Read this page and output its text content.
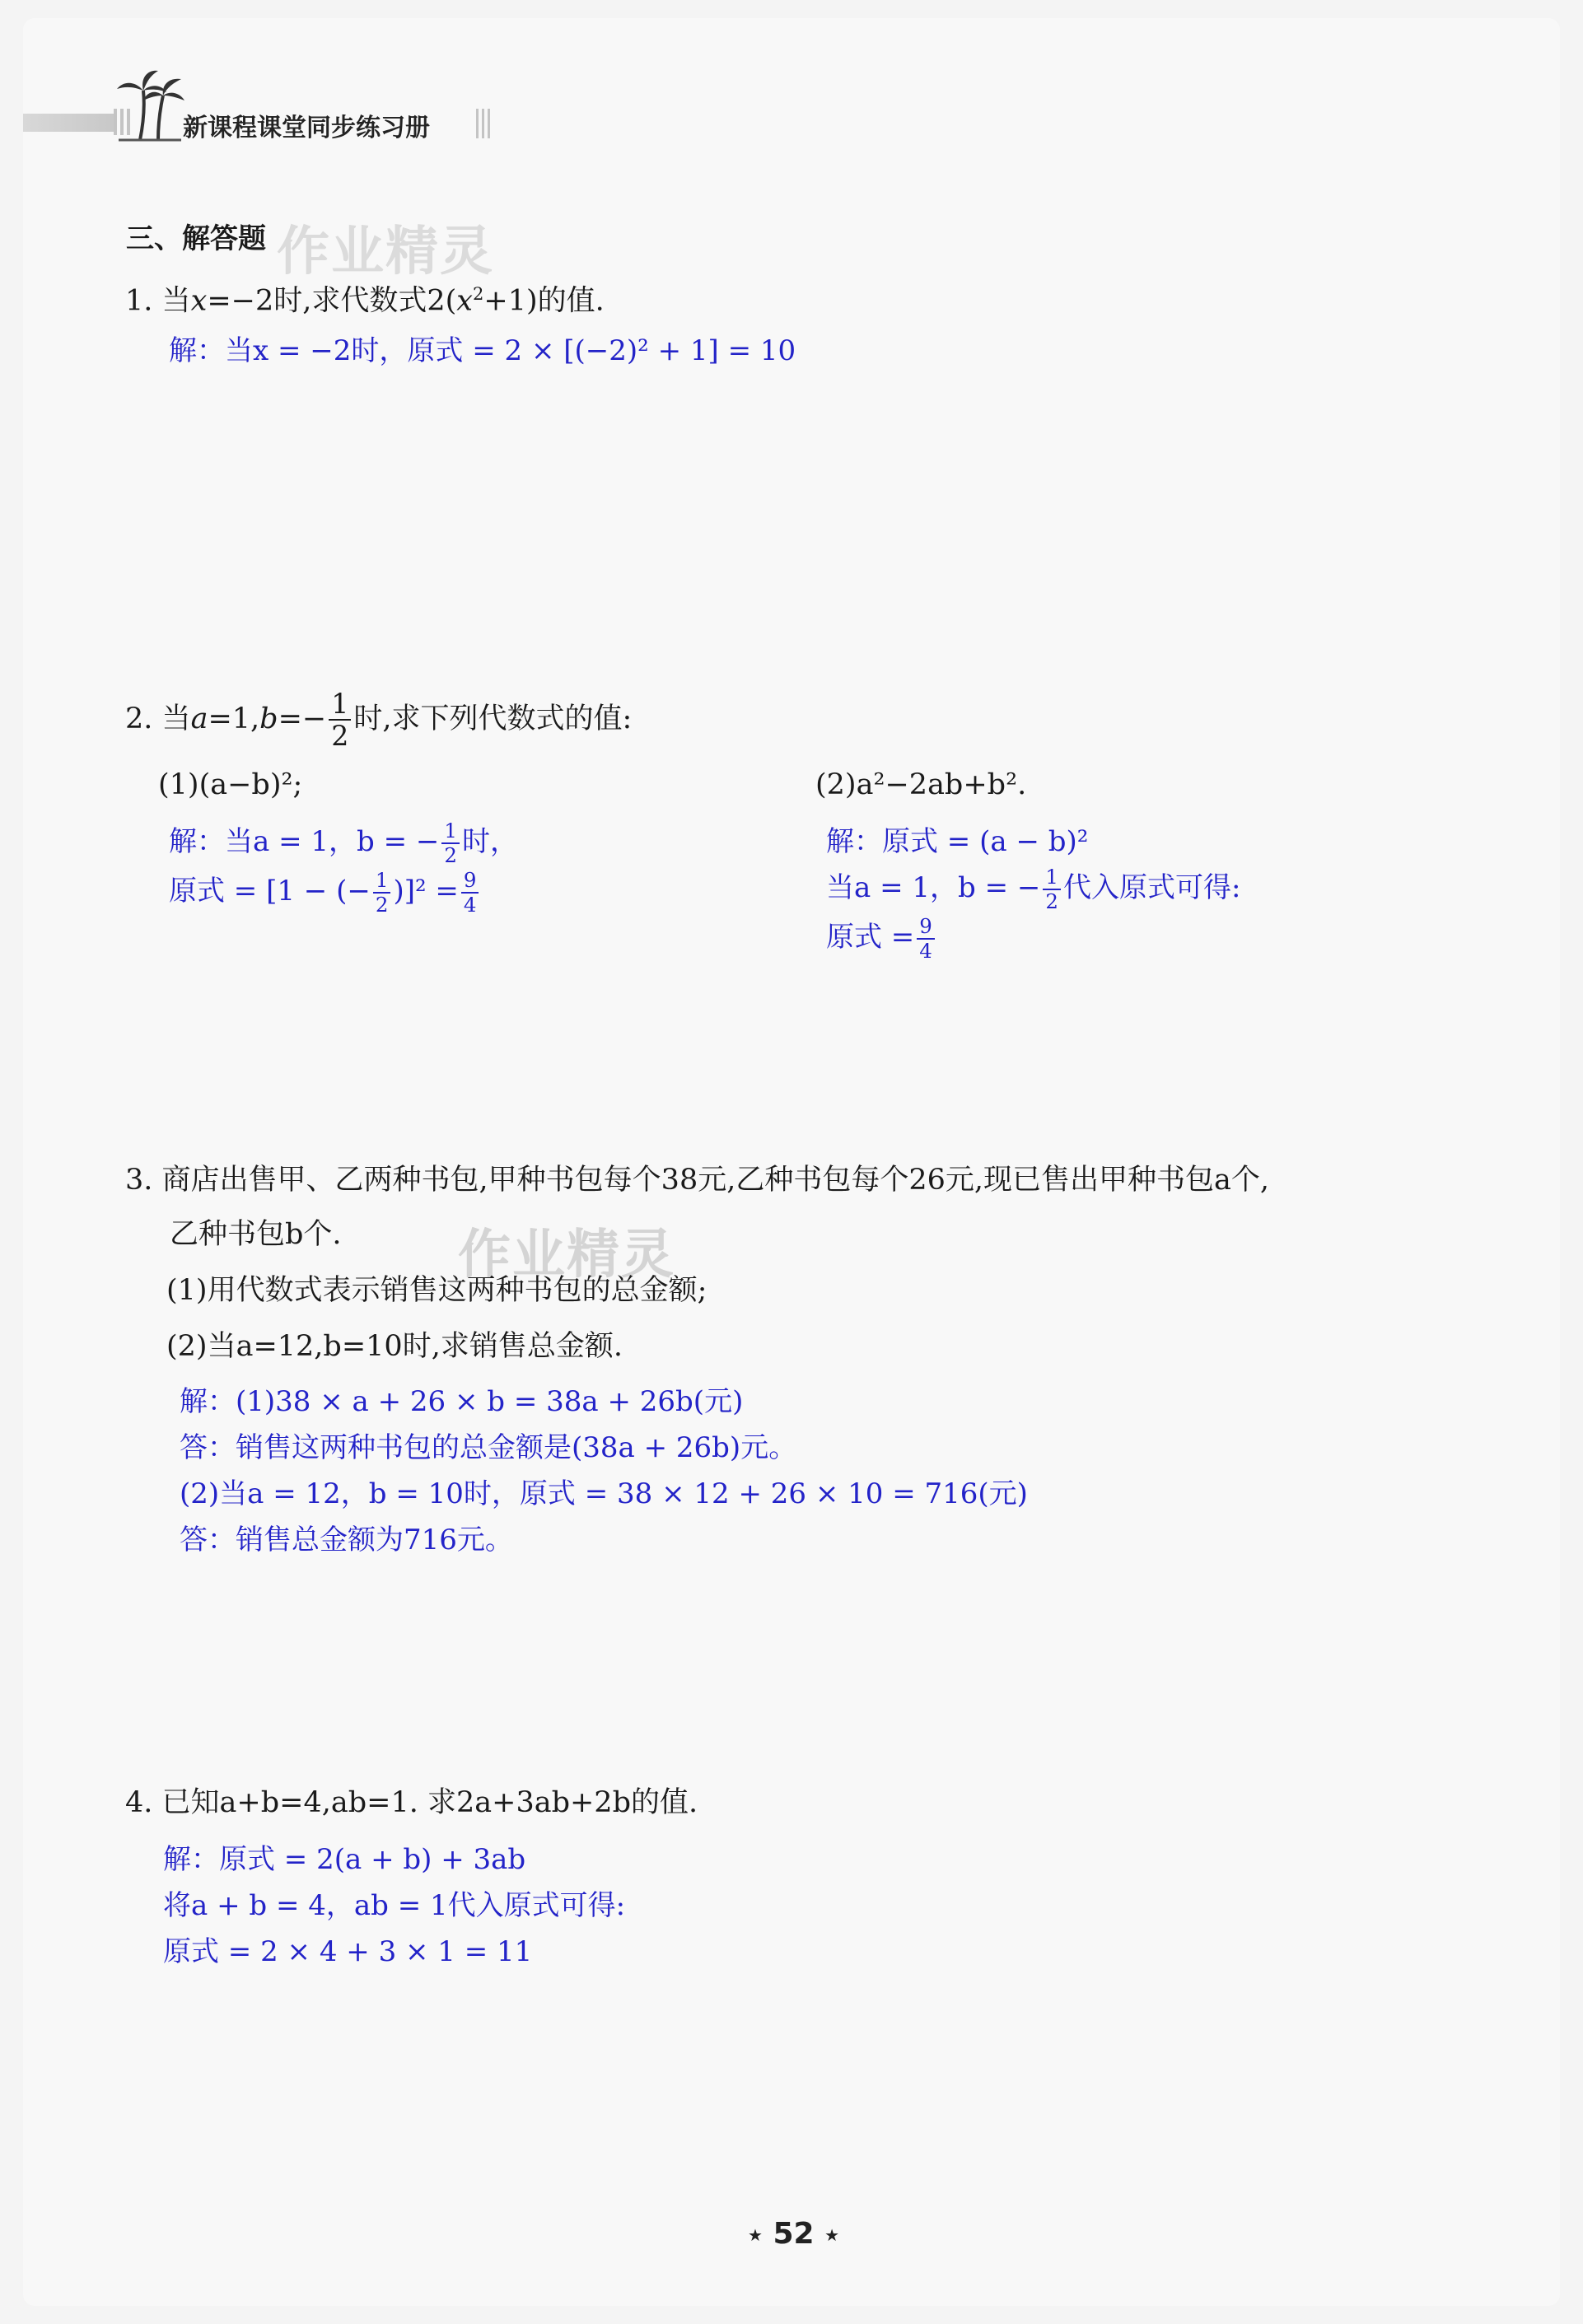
新课程课堂同步练习册
三、解答题 作业精灵
1. 当x=−2时,求代数式$2(x^2+1)$的值.
解：当x = −2时，原式 = 2 × [(−2)² + 1] = 10
2. 当$a=1,b=- \frac{1}{2}$ 时,求下列代数式的值:
(1)(a−b)²;	(2)a²−2ab+b².
解：当a = 1，b = − $\frac{1}{2}$ 时，
原式 = [1 − (− $\frac{1}{2} )]^2 = \frac{9}{4}$
解：原式 = (a − b)²
当a = 1，b = − $\frac{1}{2}$ 代入原式可得:
原式 = $\frac{9}{4}$
3. 商店出售甲、乙两种书包,甲种书包每个38元,乙种书包每个26元,现已售出甲种书包a个,
乙种书包b个. 作业精灵
(1)用代数式表示销售这两种书包的总金额;
(2)当a=12,b=10时,求销售总金额.
解：(1)38 × a + 26 × b = 38a + 26b(元)
答：销售这两种书包的总金额是(38a + 26b)元。
(2)当a = 12，b = 10时，原式 = 38 × 12 + 26 × 10 = 716(元)
答：销售总金额为716元。
4. 已知a+b=4,ab=1. 求2a+3ab+2b的值.
解：原式 = 2(a + b) + 3ab
将a + b = 4，ab = 1代入原式可得:
原式 = 2 × 4 + 3 × 1 = 11
★ 52 ★
